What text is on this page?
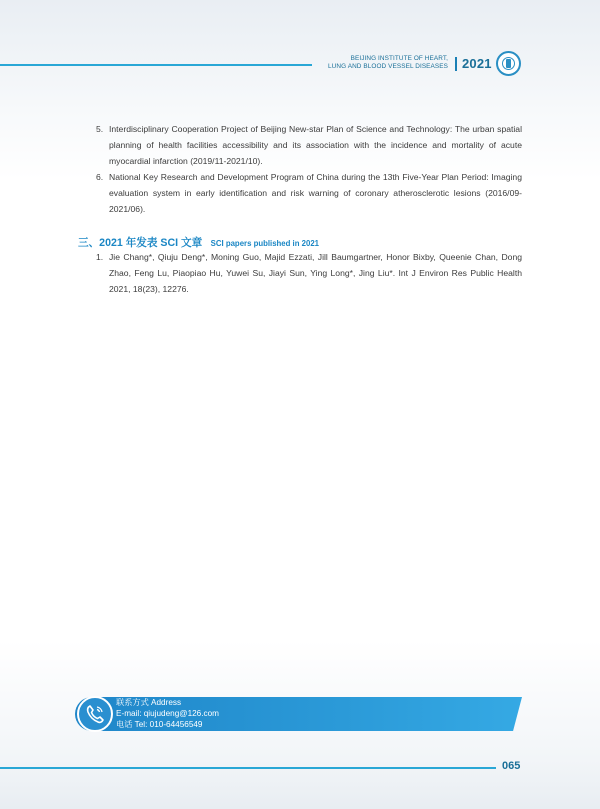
BEIJING INSTITUTE OF HEART,
LUNG AND BLOOD VESSEL DISEASES 2021
5. Interdisciplinary Cooperation Project of Beijing New-star Plan of Science and Technology: The urban spatial planning of health facilities accessibility and its association with the incidence and mortality of acute myocardial infarction (2019/11-2021/10).
6. National Key Research and Development Program of China during the 13th Five-Year Plan Period: Imaging evaluation system in early identification and risk warning of coronary atherosclerotic lesions (2016/09-2021/06).
三、2021 年发表 SCI 文章 SCI papers published in 2021
1. Jie Chang*, Qiuju Deng*, Moning Guo, Majid Ezzati, Jill Baumgartner, Honor Bixby, Queenie Chan, Dong Zhao, Feng Lu, Piaopiao Hu, Yuwei Su, Jiayi Sun, Ying Long*, Jing Liu*. Int J Environ Res Public Health 2021, 18(23), 12276.
联系方式 Address
E-mail: qiujudeng@126.com
电话 Tel: 010-64456549
065
